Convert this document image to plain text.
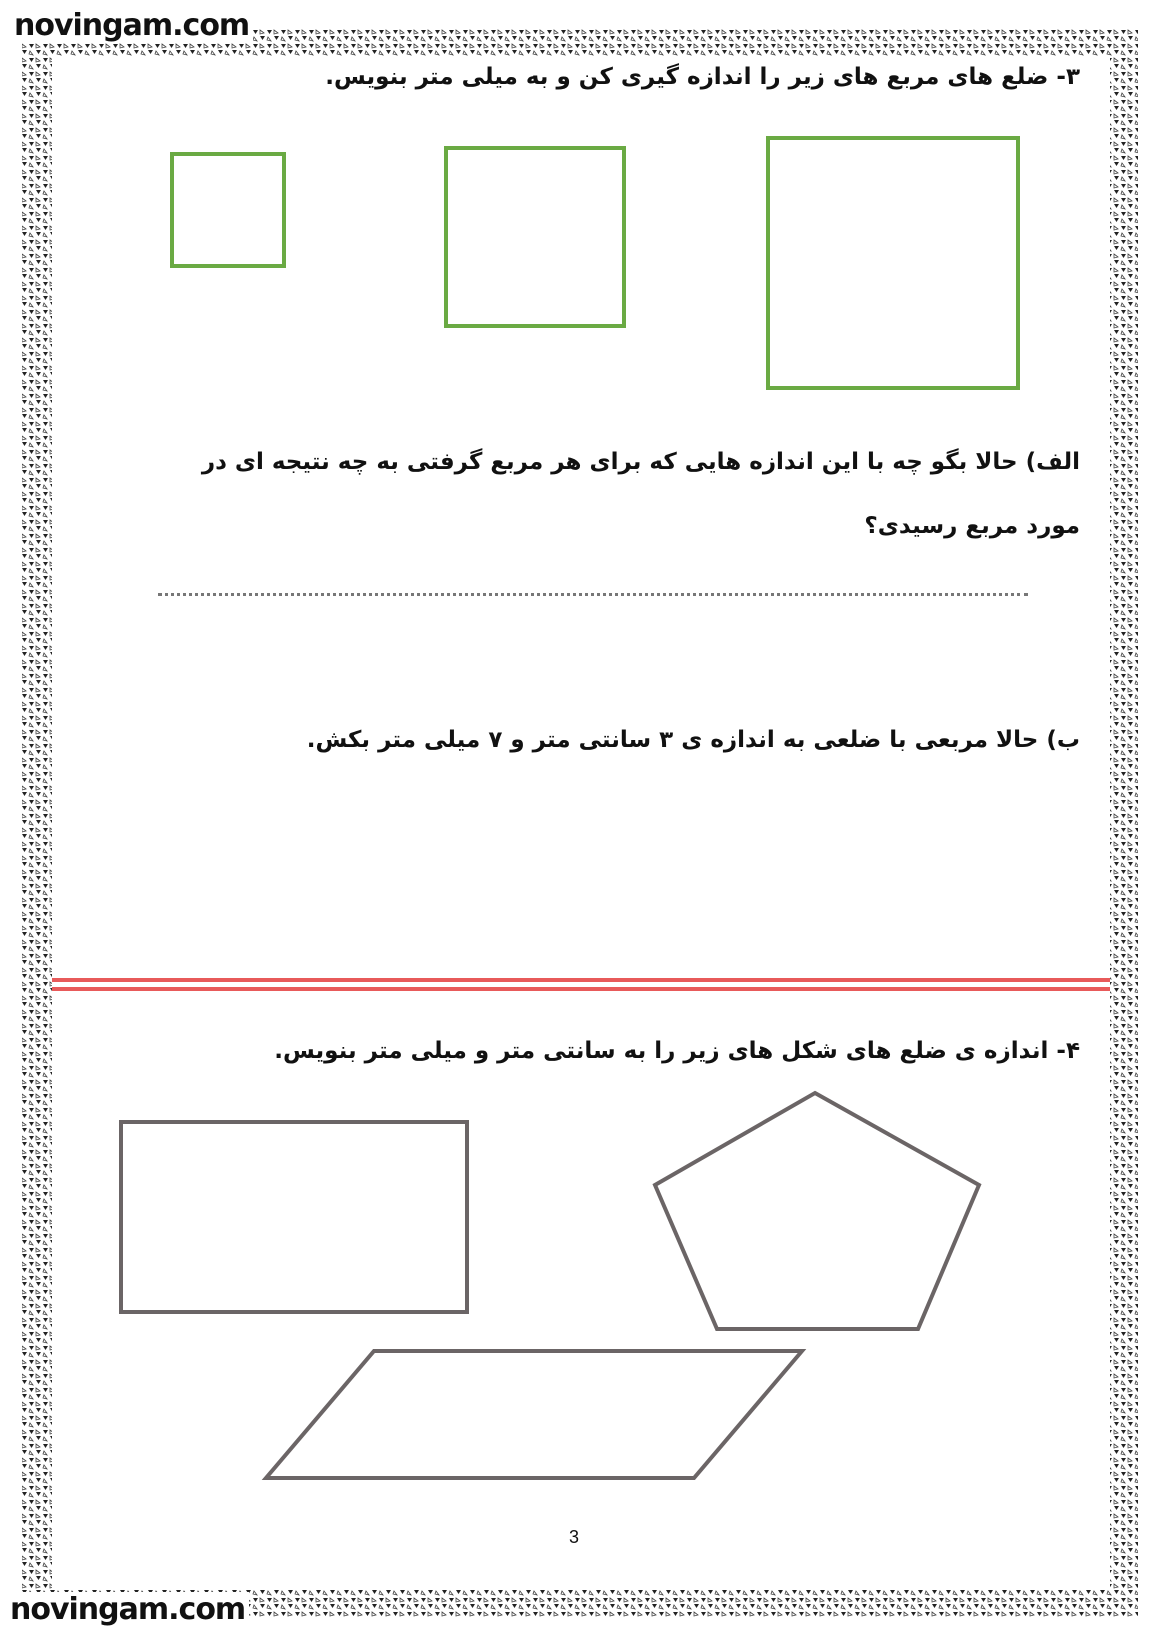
novingam.com
novingam.com
۳- ضلع های مربع های زیر را اندازه گیری کن و به میلی متر بنویس.
الف) حالا بگو چه با این اندازه هایی که برای هر مربع گرفتی به چه نتیجه ای در مورد مربع رسیدی؟
ب) حالا مربعی با ضلعی به اندازه ی ۳ سانتی متر و ۷ میلی متر بکش.
۴- اندازه ی ضلع های شکل های زیر را به سانتی متر و میلی متر بنویس.
3
